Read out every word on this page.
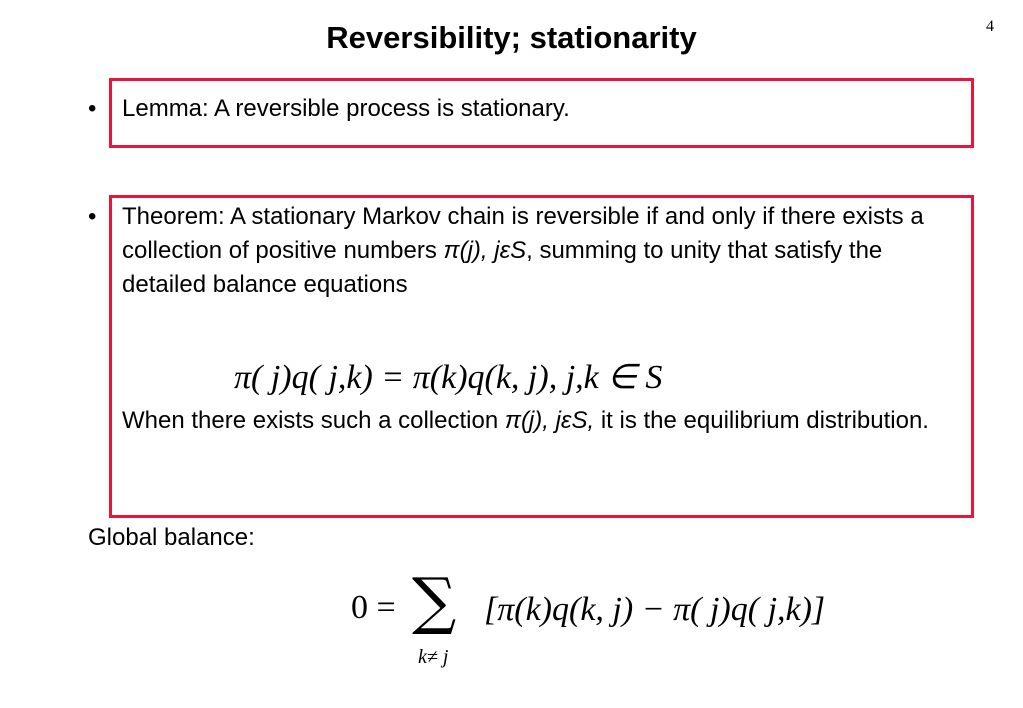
4
Reversibility; stationarity
• Lemma: A reversible process is stationary.
• Theorem: A stationary Markov chain is reversible if and only if there exists a collection of positive numbers π(j), jεS, summing to unity that satisfy the detailed balance equations
π( j)q( j,k) = π(k)q(k, j), j,k ∈ S
When there exists such a collection π(j), jεS, it is the equilibrium distribution.
Global balance:
0 = ∑
k≠ j
[π(k)q(k, j) − π( j)q( j,k)]
